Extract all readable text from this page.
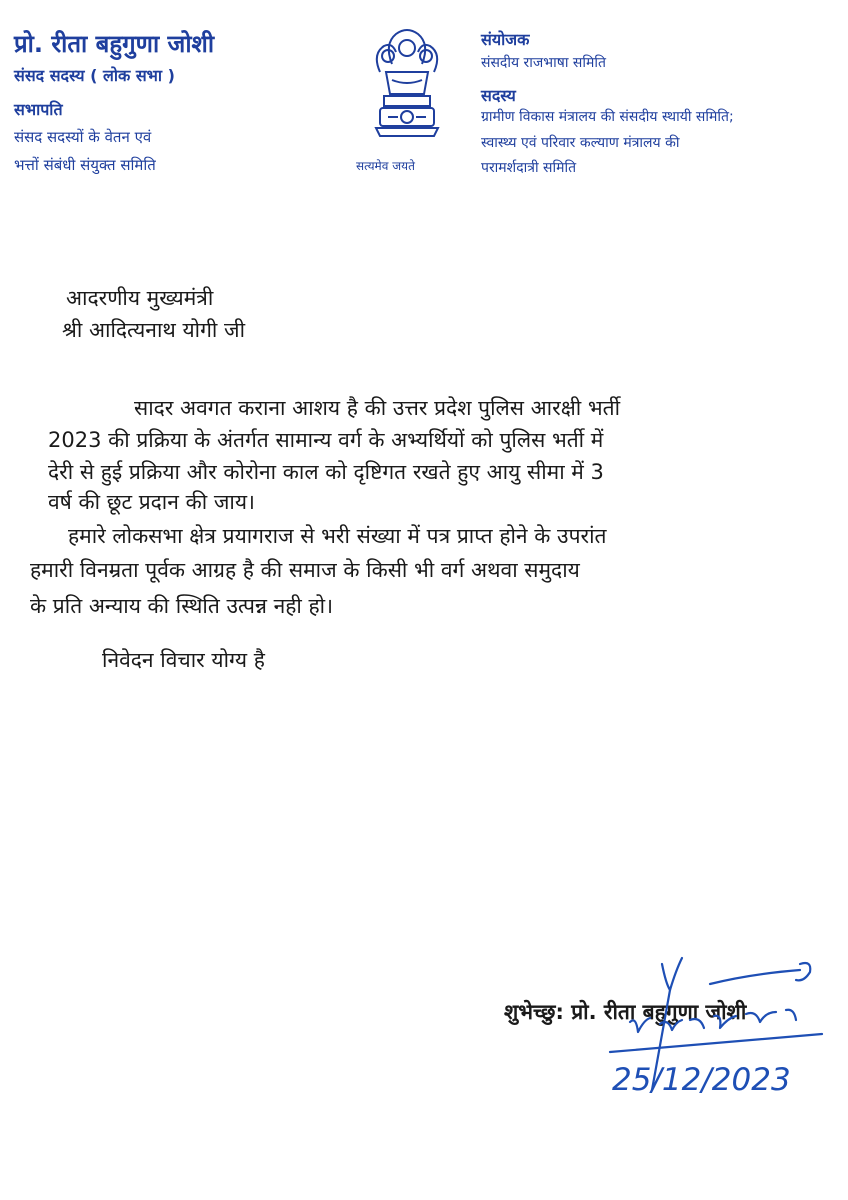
प्रो. रीता बहुगुणा जोशी
संसद सदस्य ( लोक सभा )
सभापति
संसद सदस्यों के वेतन एवं
भत्तों संबंधी संयुक्त समिति	सत्यमेव जयते
संयोजक
संसदीय राजभाषा समिति
सदस्य
ग्रामीण विकास मंत्रालय की संसदीय स्थायी समिति;
स्वास्थ्य एवं परिवार कल्याण मंत्रालय की
परामर्शदात्री समिति
आदरणीय मुख्यमंत्री
श्री आदित्यनाथ योगी जी
सादर अवगत कराना आशय है की उत्तर प्रदेश पुलिस आरक्षी भर्ती
2023 की प्रक्रिया के अंतर्गत सामान्य वर्ग के अभ्यर्थियों को पुलिस भर्ती में
देरी से हुई प्रक्रिया और कोरोना काल को दृष्टिगत रखते हुए आयु सीमा में 3
वर्ष की छूट प्रदान की जाय।
हमारे लोकसभा क्षेत्र प्रयागराज से भरी संख्या में पत्र प्राप्त होने के उपरांत
हमारी विनम्रता पूर्वक आग्रह है की समाज के किसी भी वर्ग अथवा समुदाय
के प्रति अन्याय की स्थिति उत्पन्न नही हो।
निवेदन विचार योग्य है
शुभेच्छु: प्रो. रीता बहुगुणा जोशी
25/12/2023
